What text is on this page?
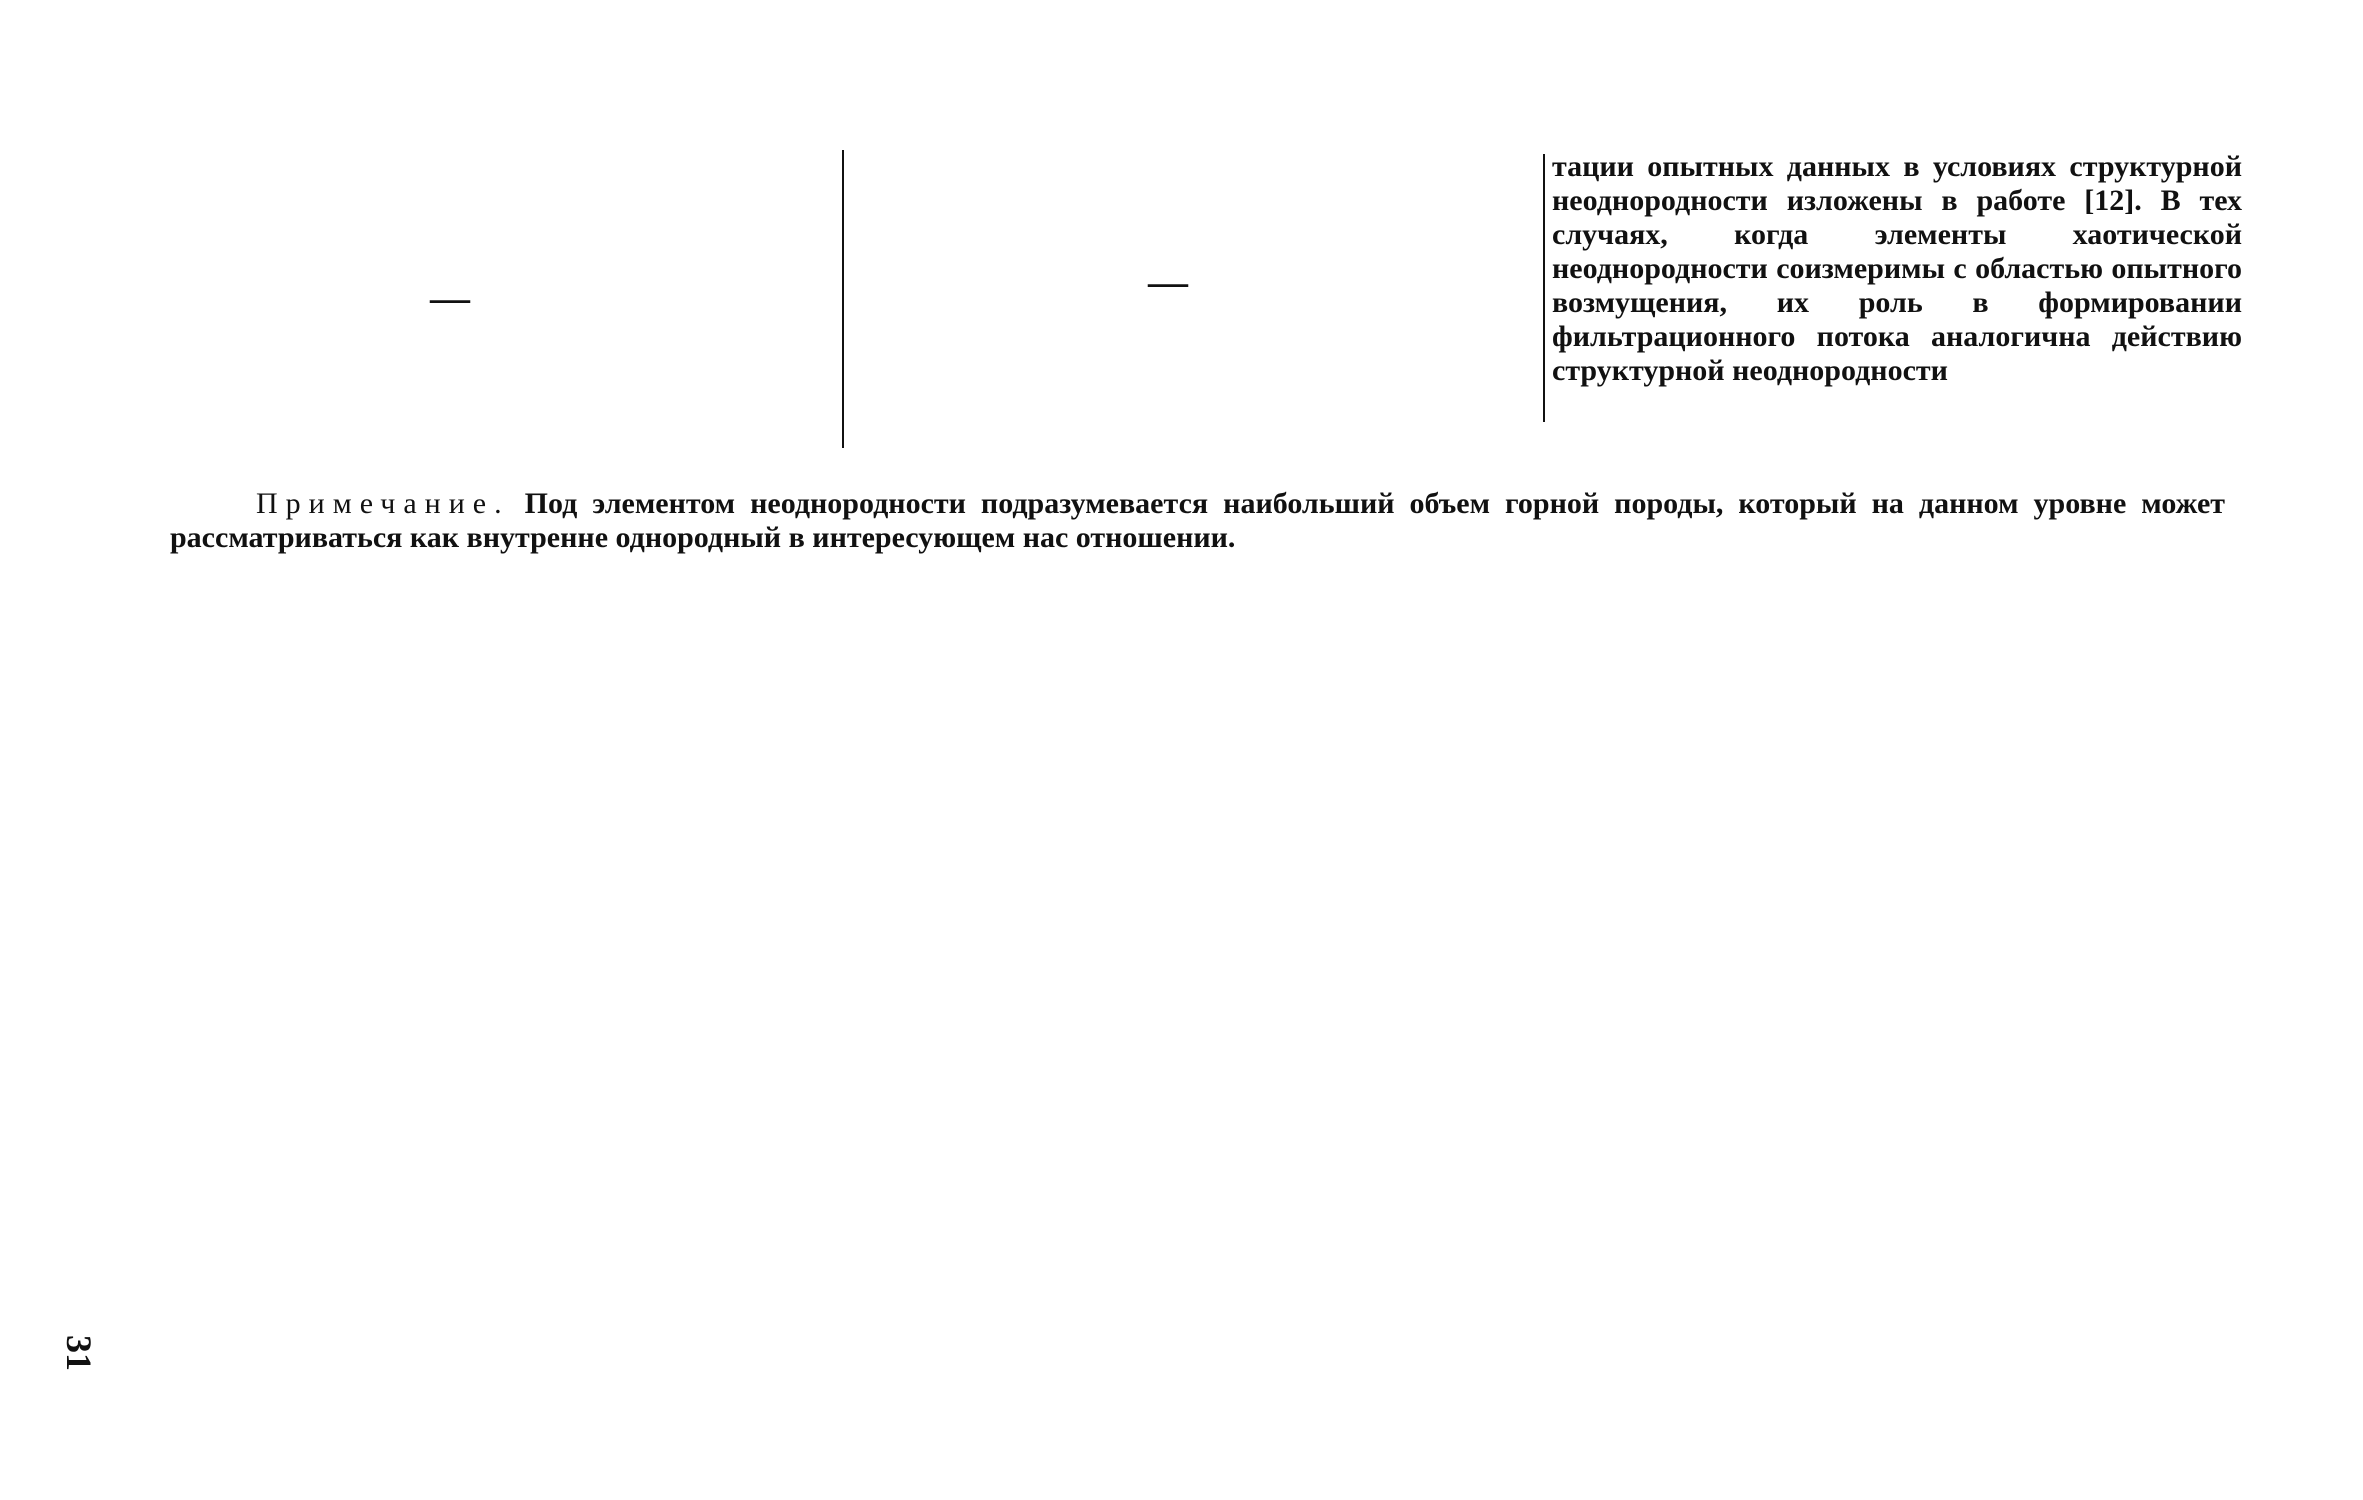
—	—

тации опытных данных в условиях структурной неоднородности изложены в работе [12]. В тех случаях, когда элементы хаотической неоднородности соизмеримы с областью опытного возмущения, их роль в формировании фильтрационного потока аналогична действию структурной неоднородности

Примечание. Под элементом неоднородности подразумевается наибольший объем горной породы, который на данном уровне может рассматриваться как внутренне однородный в интересующем нас отношении.
31
